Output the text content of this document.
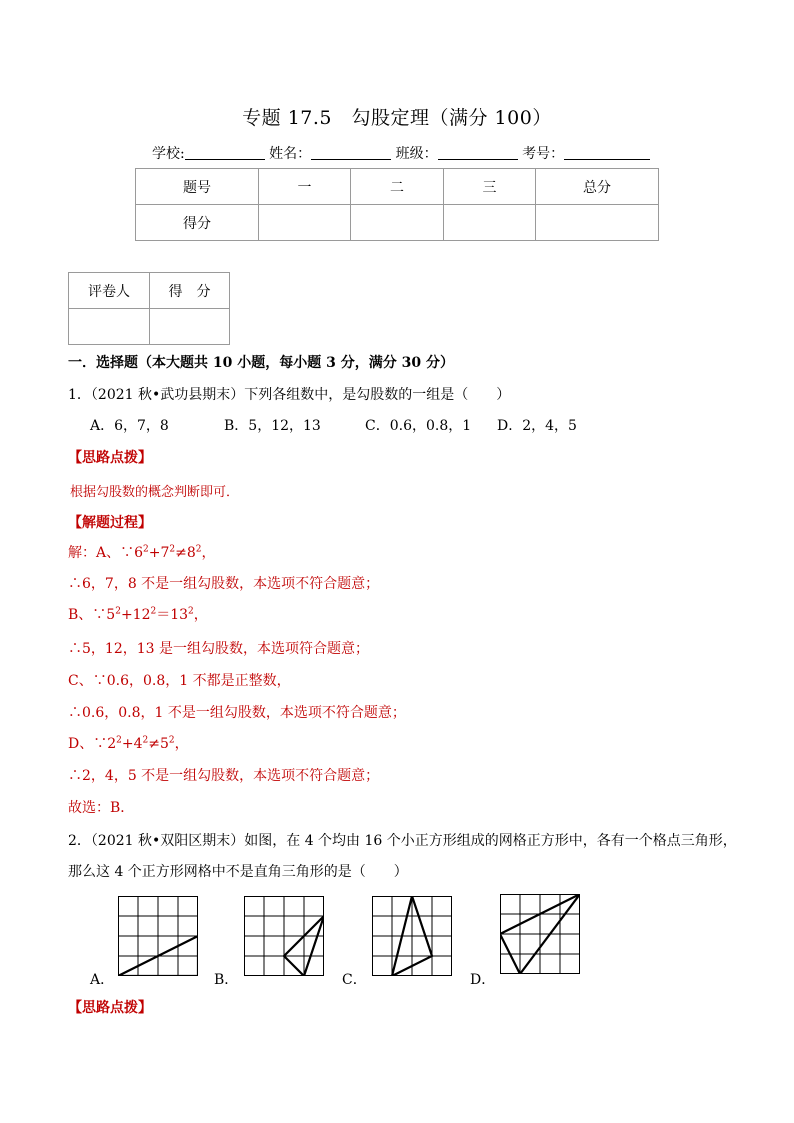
专题 17.5　勾股定理（满分 100）
学校:	姓名：	班级：	考号：
题号	一	二	三	总分
得分				
评卷人	得　分

一．选择题（本大题共 10 小题，每小题 3 分，满分 30 分）
1．（2021 秋•武功县期末）下列各组数中，是勾股数的一组是（　　）
A．6，7，8	B．5，12，13	C．0.6，0.8，1 D．2，4，5
【思路点拨】
根据勾股数的概念判断即可．
【解题过程】
解：A、$\because 6^2+7^2\ne 8^2$，
∴6，7，8 不是一组勾股数，本选项不符合题意；
B、$\because 5^2+12^2=13^2$，
∴5，12，13 是一组勾股数，本选项符合题意；
C、∵0.6，0.8，1 不都是正整数，
∴0.6，0.8，1 不是一组勾股数，本选项不符合题意；
D、$\because 2^2+4^2\ne 5^2$，
∴2，4，5 不是一组勾股数，本选项不符合题意；
故选：B．
2．（2021 秋•双阳区期末）如图，在 4 个均由 16 个小正方形组成的网格正方形中，各有一个格点三角形，
那么这 4 个正方形网格中不是直角三角形的是（　　）
A．	B．	C．	D．
【思路点拨】
